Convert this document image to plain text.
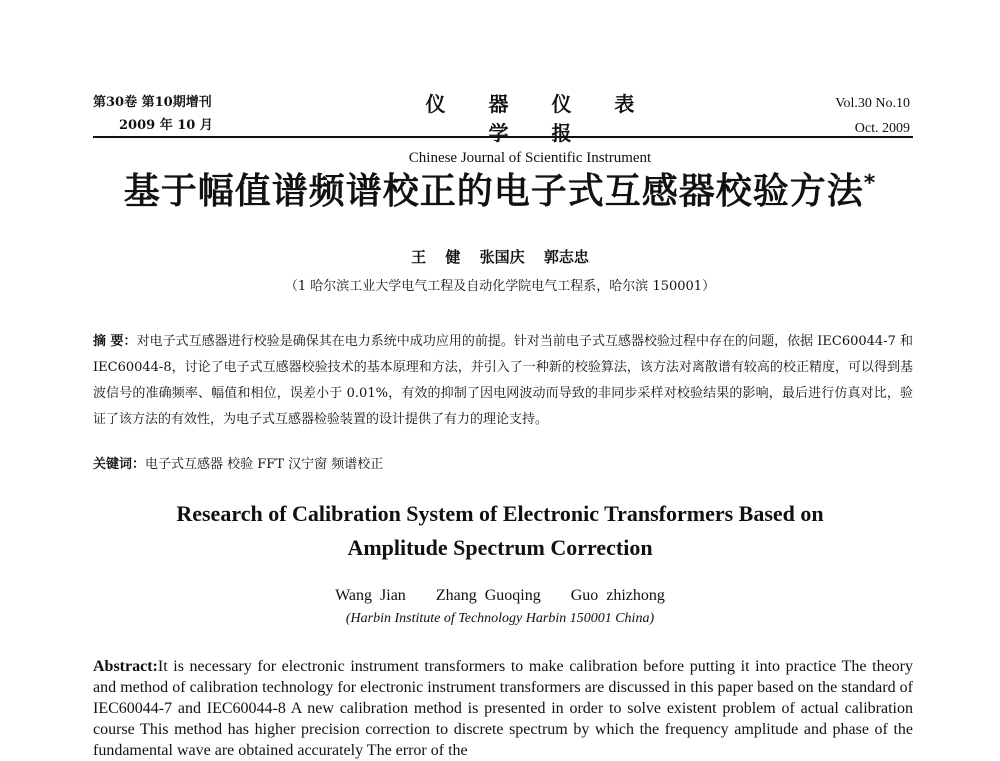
第30卷 第10期增刊
2009 年 10 月
仪 器 仪 表 学 报
Chinese Journal of Scientific Instrument
Vol.30 No.10
Oct. 2009
基于幅值谱频谱校正的电子式互感器校验方法*
王 健 张国庆 郭志忠
（1 哈尔滨工业大学电气工程及自动化学院电气工程系，哈尔滨 150001）
摘 要：对电子式互感器进行校验是确保其在电力系统中成功应用的前提。针对当前电子式互感器校验过程中存在的问题，依据 IEC60044-7 和 IEC60044-8，讨论了电子式互感器校验技术的基本原理和方法，并引入了一种新的校验算法，该方法对离散谱有较高的校正精度，可以得到基波信号的准确频率、幅值和相位，误差小于 0.01%，有效的抑制了因电网波动而导致的非同步采样对校验结果的影响，最后进行仿真对比，验证了该方法的有效性，为电子式互感器检验装置的设计提供了有力的理论支持。
关键词：电子式互感器 校验 FFT 汉宁窗 频谱校正
Research of Calibration System of Electronic Transformers Based on
Amplitude Spectrum Correction
Wang Jian Zhang Guoqing Guo zhizhong
(Harbin Institute of Technology Harbin 150001 China)
Abstract:It is necessary for electronic instrument transformers to make calibration before putting it into practice The theory and method of calibration technology for electronic instrument transformers are discussed in this paper based on the standard of IEC60044-7 and IEC60044-8 A new calibration method is presented in order to solve existent problem of actual calibration course This method has higher precision correction to discrete spectrum by which the frequency amplitude and phase of the fundamental wave are obtained accurately The error of the
